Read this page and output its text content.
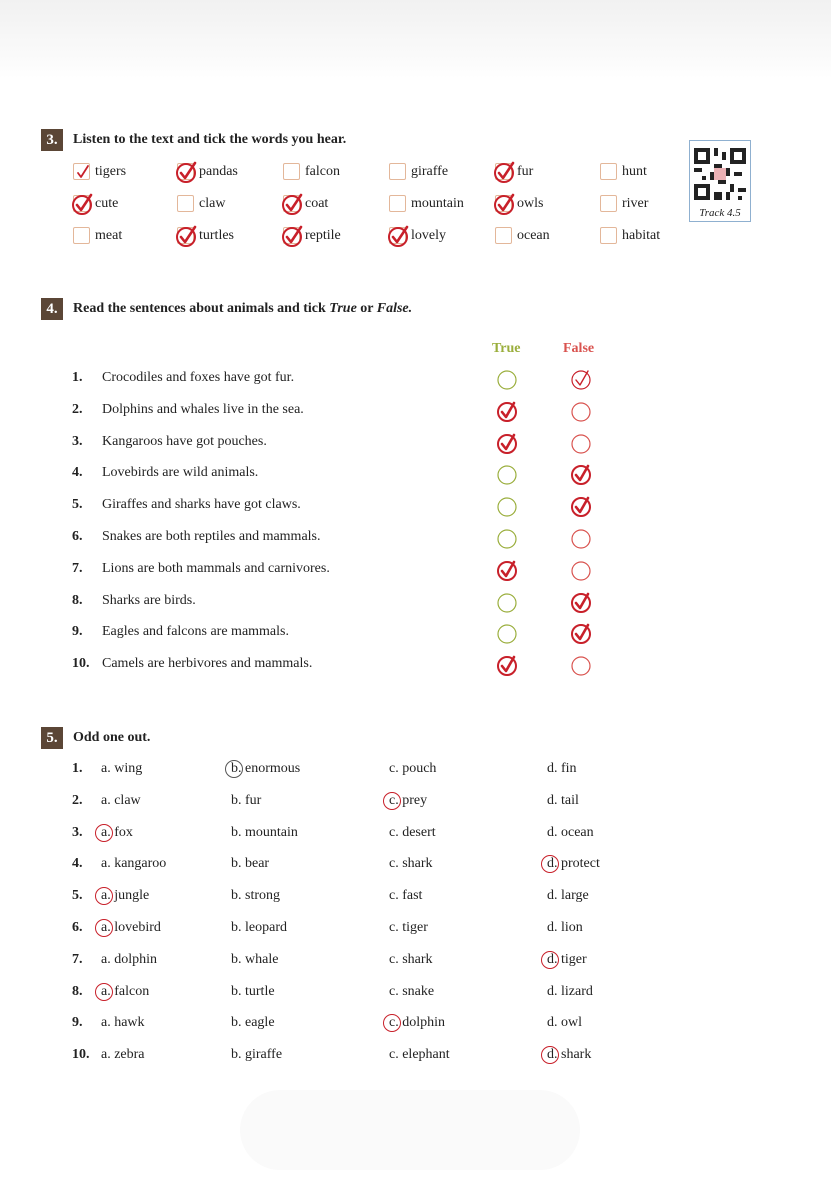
3.	Listen to the text and tick the words you hear.
tigers	pandas	falcon	giraffe	fur	hunt
cute	claw	coat	mountain	owls	river
meat	turtles	reptile	lovely	ocean	habitat
Track 4.5
4.	Read the sentences about animals and tick True or False.
True	False
1.	Crocodiles and foxes have got fur.
2.	Dolphins and whales live in the sea.
3.	Kangaroos have got pouches.
4.	Lovebirds are wild animals.
5.	Giraffes and sharks have got claws.
6.	Snakes are both reptiles and mammals.
7.	Lions are both mammals and carnivores.
8.	Sharks are birds.
9.	Eagles and falcons are mammals.
10. Camels are herbivores and mammals.
5.	Odd one out.
1. a. wing	b. enormous	c. pouch	d. fin
2. a. claw	b. fur	c. prey	d. tail
3. a. fox	b. mountain	c. desert	d. ocean
4. a. kangaroo	b. bear	c. shark	d. protect
5. a. jungle	b. strong	c. fast	d. large
6. a. lovebird	b. leopard	c. tiger	d. lion
7. a. dolphin	b. whale	c. shark	d. tiger
8. a. falcon	b. turtle	c. snake	d. lizard
9. a. hawk	b. eagle	c. dolphin	d. owl
10. a. zebra	b. giraffe	c. elephant	d. shark
